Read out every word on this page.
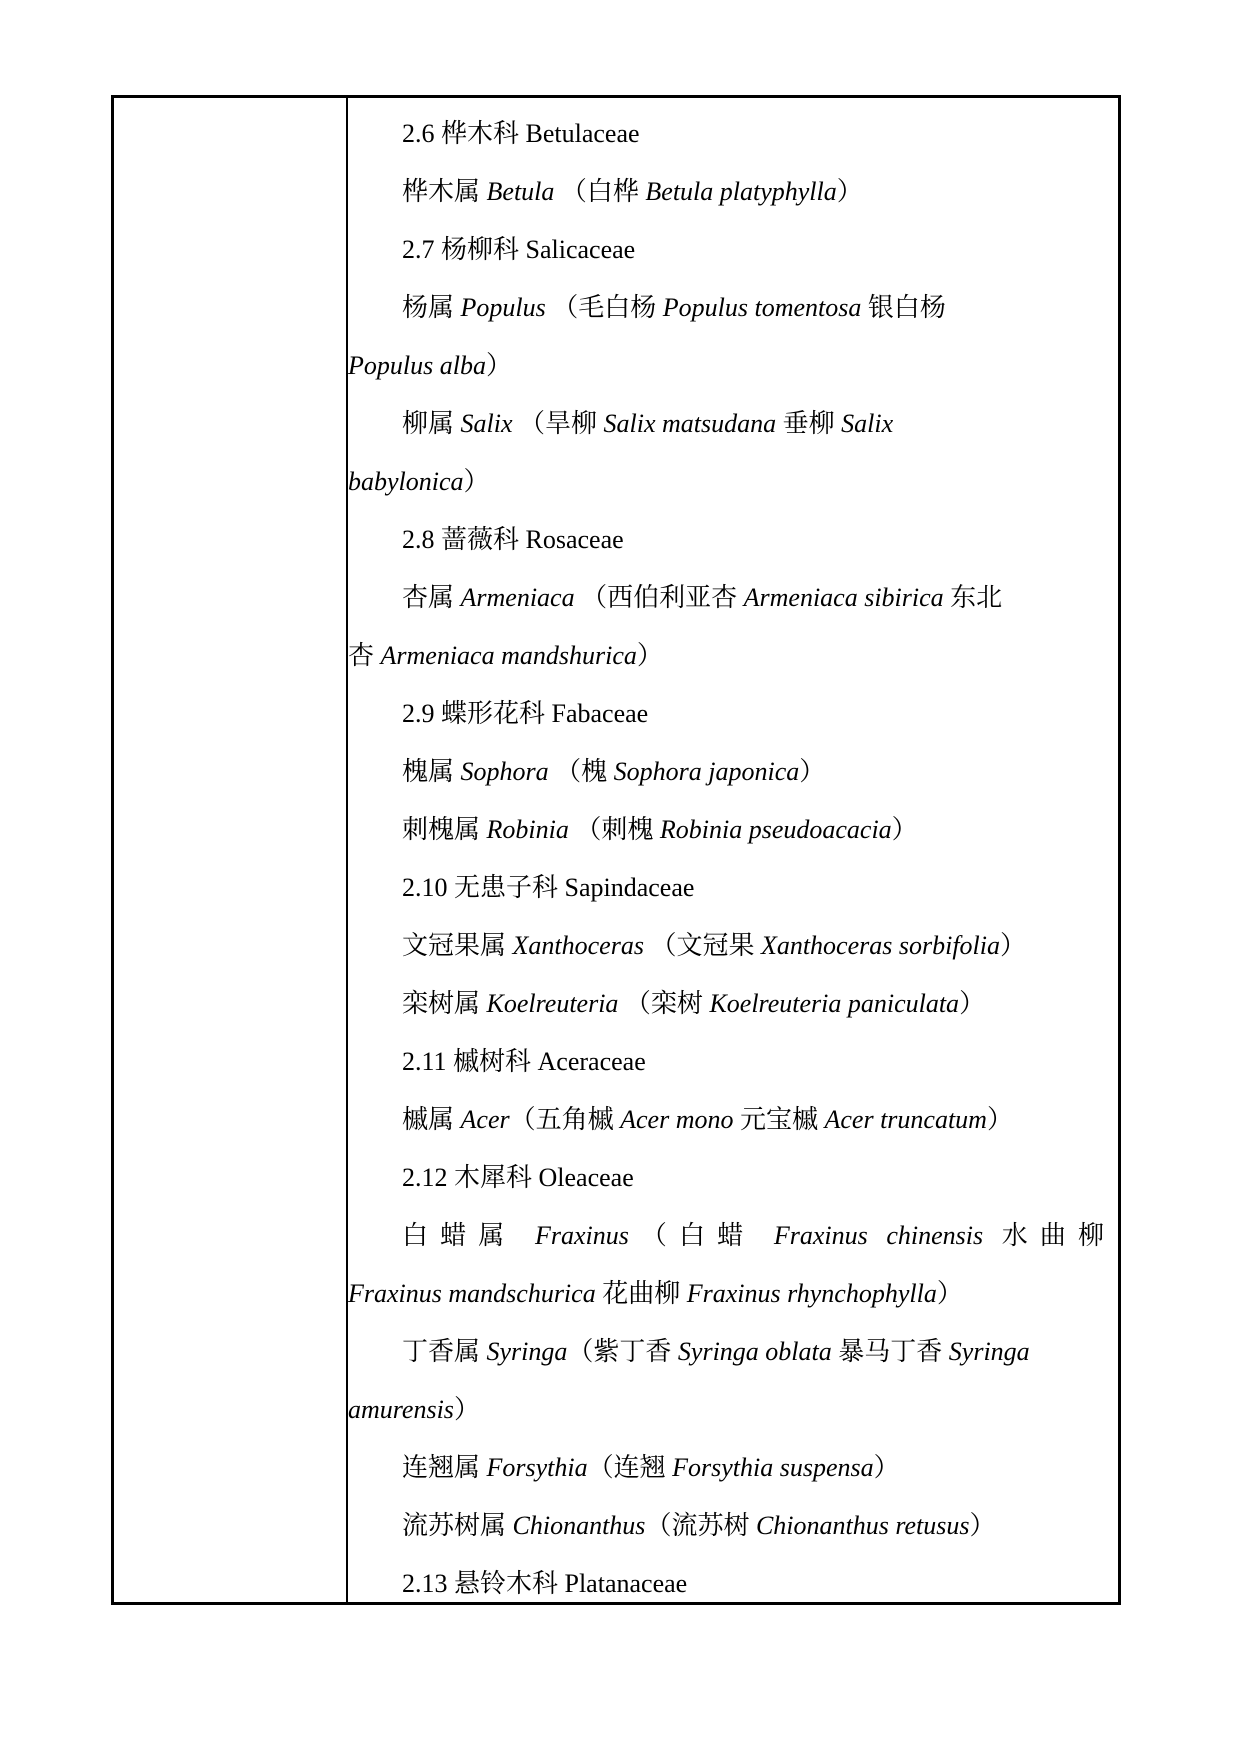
2.6 桦木科 Betulaceae
桦木属 Betula （白桦 Betula platyphylla）
2.7 杨柳科 Salicaceae
杨属 Populus （毛白杨 Populus tomentosa 银白杨
Populus alba）
柳属 Salix （旱柳 Salix matsudana 垂柳 Salix
babylonica）
2.8 蔷薇科 Rosaceae
杏属 Armeniaca （西伯利亚杏 Armeniaca sibirica 东北
杏 Armeniaca mandshurica）
2.9 蝶形花科 Fabaceae
槐属 Sophora （槐 Sophora japonica）
刺槐属 Robinia （刺槐 Robinia pseudoacacia）
2.10 无患子科 Sapindaceae
文冠果属 Xanthoceras （文冠果 Xanthoceras sorbifolia）
栾树属 Koelreuteria （栾树 Koelreuteria paniculata）
2.11 槭树科 Aceraceae
槭属 Acer（五角槭 Acer mono 元宝槭 Acer truncatum）
2.12 木犀科 Oleaceae
白蜡属 Fraxinus（白蜡 Fraxinus chinensis 水曲柳
Fraxinus mandschurica 花曲柳 Fraxinus rhynchophylla）
丁香属 Syringa（紫丁香 Syringa oblata 暴马丁香 Syringa
amurensis）
连翘属 Forsythia（连翘 Forsythia suspensa）
流苏树属 Chionanthus（流苏树 Chionanthus retusus）
2.13 悬铃木科 Platanaceae
